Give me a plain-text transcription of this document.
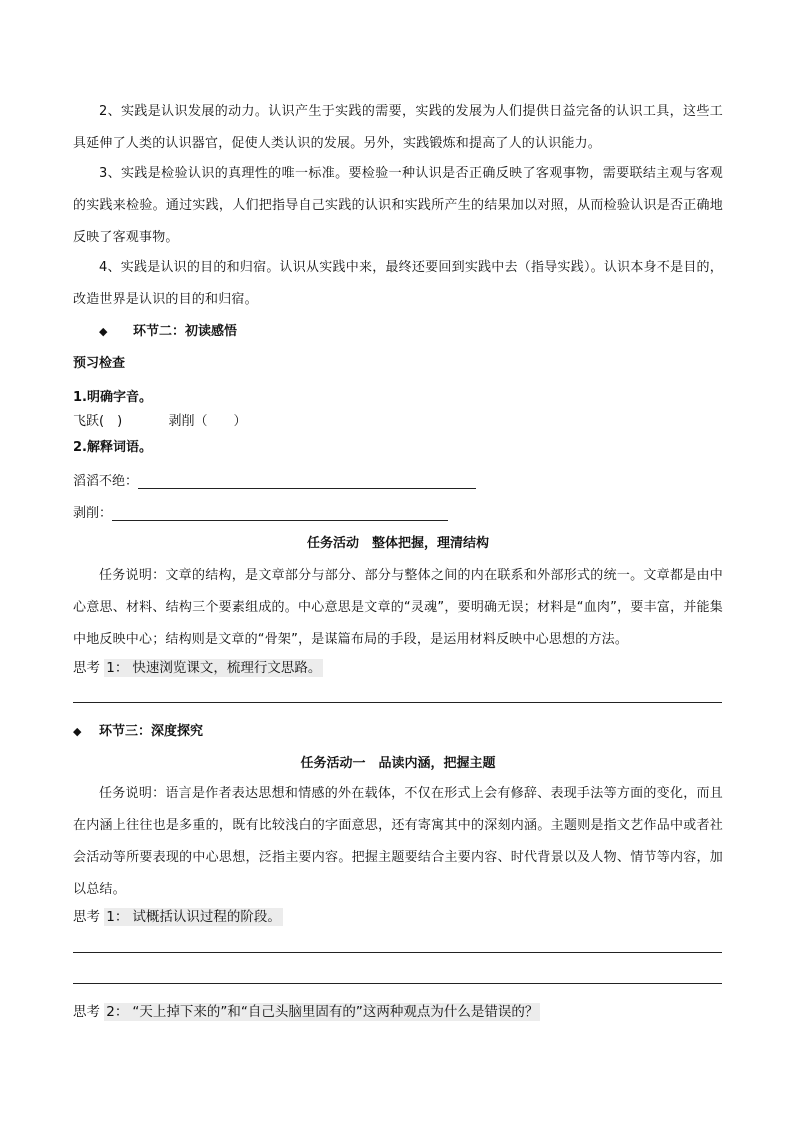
2、实践是认识发展的动力。认识产生于实践的需要，实践的发展为人们提供日益完备的认识工具，这些工具延伸了人类的认识器官，促使人类认识的发展。另外，实践锻炼和提高了人的认识能力。
3、实践是检验认识的真理性的唯一标准。要检验一种认识是否正确反映了客观事物，需要联结主观与客观的实践来检验。通过实践，人们把指导自己实践的认识和实践所产生的结果加以对照，从而检验认识是否正确地反映了客观事物。
4、实践是认识的目的和归宿。认识从实践中来，最终还要回到实践中去（指导实践）。认识本身不是目的，改造世界是认识的目的和归宿。
◆ 环节二：初读感悟
预习检查
1.明确字音。
飞跃(　)	剥削（　　）
2.解释词语。
滔滔不绝：
剥削：
任务活动　整体把握，理清结构
任务说明：文章的结构，是文章部分与部分、部分与整体之间的内在联系和外部形式的统一。文章都是由中心意思、材料、结构三个要素组成的。中心意思是文章的“灵魂”，要明确无误；材料是“血肉”，要丰富，并能集中地反映中心；结构则是文章的“骨架”，是谋篇布局的手段，是运用材料反映中心思想的方法。
思考 1： 快速浏览课文，梳理行文思路。
◆ 环节三：深度探究
任务活动一　品读内涵，把握主题
任务说明：语言是作者表达思想和情感的外在载体，不仅在形式上会有修辞、表现手法等方面的变化，而且在内涵上往往也是多重的，既有比较浅白的字面意思，还有寄寓其中的深刻内涵。主题则是指文艺作品中或者社会活动等所要表现的中心思想，泛指主要内容。把握主题要结合主要内容、时代背景以及人物、情节等内容，加以总结。
思考 1： 试概括认识过程的阶段。
思考 2： “天上掉下来的”和“自己头脑里固有的”这两种观点为什么是错误的？
